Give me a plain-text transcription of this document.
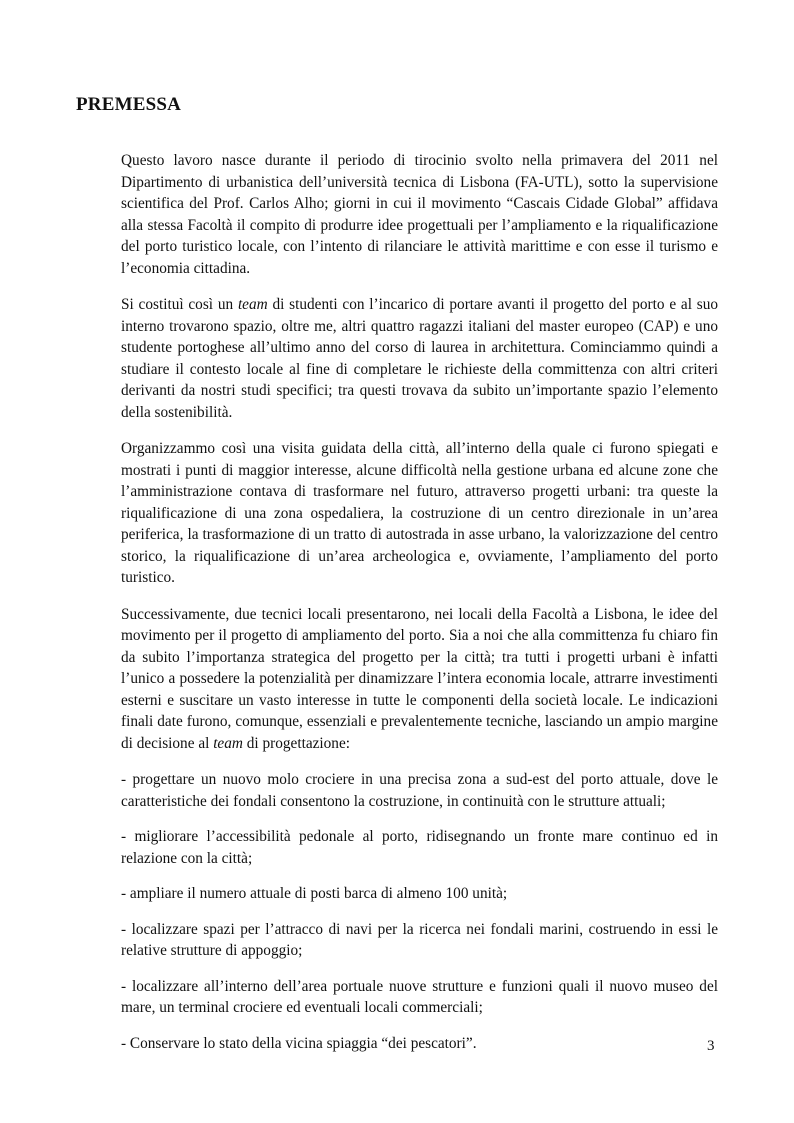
PREMESSA

Questo lavoro nasce durante il periodo di tirocinio svolto nella primavera del 2011 nel Dipartimento di urbanistica dell’università tecnica di Lisbona (FA-UTL), sotto la supervisione scientifica del Prof. Carlos Alho; giorni in cui il movimento “Cascais Cidade Global” affidava alla stessa Facoltà il compito di produrre idee progettuali per l’ampliamento e la riqualificazione del porto turistico locale, con l’intento di rilanciare le attività marittime e con esse il turismo e l’economia cittadina.

Si costituì così un team di studenti con l’incarico di portare avanti il progetto del porto e al suo interno trovarono spazio, oltre me, altri quattro ragazzi italiani del master europeo (CAP) e uno studente portoghese all’ultimo anno del corso di laurea in architettura. Cominciammo quindi a studiare il contesto locale al fine di completare le richieste della committenza con altri criteri derivanti da nostri studi specifici; tra questi trovava da subito un’importante spazio l’elemento della sostenibilità.

Organizzammo così una visita guidata della città, all’interno della quale ci furono spiegati e mostrati i punti di maggior interesse, alcune difficoltà nella gestione urbana ed alcune zone che l’amministrazione contava di trasformare nel futuro, attraverso progetti urbani: tra queste la riqualificazione di una zona ospedaliera, la costruzione di un centro direzionale in un’area periferica, la trasformazione di un tratto di autostrada in asse urbano, la valorizzazione del centro storico, la riqualificazione di un’area archeologica e, ovviamente, l’ampliamento del porto turistico.

Successivamente, due tecnici locali presentarono, nei locali della Facoltà a Lisbona, le idee del movimento per il progetto di ampliamento del porto. Sia a noi che alla committenza fu chiaro fin da subito l’importanza strategica del progetto per la città; tra tutti i progetti urbani è infatti l’unico a possedere la potenzialità per dinamizzare l’intera economia locale, attrarre investimenti esterni e suscitare un vasto interesse in tutte le componenti della società locale. Le indicazioni finali date furono, comunque, essenziali e prevalentemente tecniche, lasciando un ampio margine di decisione al team di progettazione:

- progettare un nuovo molo crociere in una precisa zona a sud-est del porto attuale, dove le caratteristiche dei fondali consentono la costruzione, in continuità con le strutture attuali;

- migliorare l’accessibilità pedonale al porto, ridisegnando un fronte mare continuo ed in relazione con la città;

- ampliare il numero attuale di posti barca di almeno 100 unità;

- localizzare spazi per l’attracco di navi per la ricerca nei fondali marini, costruendo in essi le relative strutture di appoggio;

- localizzare all’interno dell’area portuale nuove strutture e funzioni quali il nuovo museo del mare, un terminal crociere ed eventuali locali commerciali;

- Conservare lo stato della vicina spiaggia “dei pescatori”.	3
